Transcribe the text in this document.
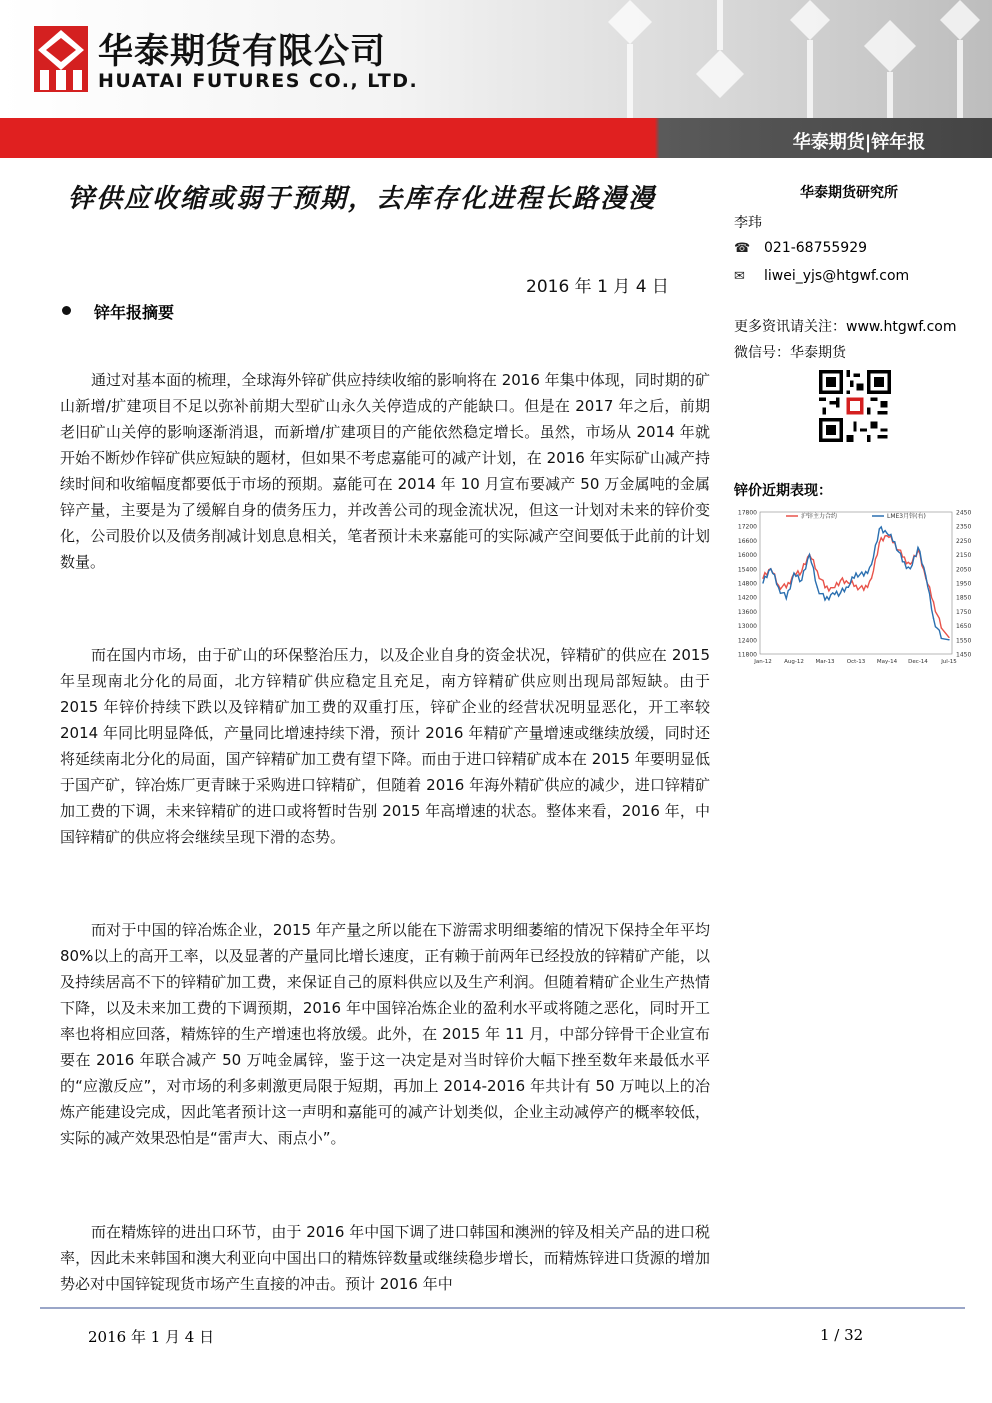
华泰期货有限公司
HUATAI FUTURES CO., LTD.
华泰期货|锌年报
锌供应收缩或弱于预期，去库存化进程长路漫漫
2016 年 1 月 4 日
锌年报摘要

通过对基本面的梳理，全球海外锌矿供应持续收缩的影响将在 2016 年集中体现，同时期的矿山新增/扩建项目不足以弥补前期大型矿山永久关停造成的产能缺口。但是在 2017 年之后，前期老旧矿山关停的影响逐渐消退，而新增/扩建项目的产能依然稳定增长。虽然，市场从 2014 年就开始不断炒作锌矿供应短缺的题材，但如果不考虑嘉能可的减产计划，在 2016 年实际矿山减产持续时间和收缩幅度都要低于市场的预期。嘉能可在 2014 年 10 月宣布要减产 50 万金属吨的金属锌产量，主要是为了缓解自身的债务压力，并改善公司的现金流状况，但这一计划对未来的锌价变化，公司股价以及债务削减计划息息相关，笔者预计未来嘉能可的实际减产空间要低于此前的计划数量。

而在国内市场，由于矿山的环保整治压力，以及企业自身的资金状况，锌精矿的供应在 2015 年呈现南北分化的局面，北方锌精矿供应稳定且充足，南方锌精矿供应则出现局部短缺。由于 2015 年锌价持续下跌以及锌精矿加工费的双重打压，锌矿企业的经营状况明显恶化，开工率较 2014 年同比明显降低，产量同比增速持续下滑，预计 2016 年精矿产量增速或继续放缓，同时还将延续南北分化的局面，国产锌精矿加工费有望下降。而由于进口锌精矿成本在 2015 年要明显低于国产矿，锌冶炼厂更青睐于采购进口锌精矿，但随着 2016 年海外精矿供应的减少，进口锌精矿加工费的下调，未来锌精矿的进口或将暂时告别 2015 年高增速的状态。整体来看，2016 年，中国锌精矿的供应将会继续呈现下滑的态势。

而对于中国的锌冶炼企业，2015 年产量之所以能在下游需求明细萎缩的情况下保持全年平均 80%以上的高开工率，以及显著的产量同比增长速度，正有赖于前两年已经投放的锌精矿产能，以及持续居高不下的锌精矿加工费，来保证自己的原料供应以及生产利润。但随着精矿企业生产热情下降，以及未来加工费的下调预期，2016 年中国锌冶炼企业的盈利水平或将随之恶化，同时开工率也将相应回落，精炼锌的生产增速也将放缓。此外，在 2015 年 11 月，中部分锌骨干企业宣布要在 2016 年联合减产 50 万吨金属锌，鉴于这一决定是对当时锌价大幅下挫至数年来最低水平的“应激反应”，对市场的利多刺激更局限于短期，再加上 2014-2016 年共计有 50 万吨以上的冶炼产能建设完成，因此笔者预计这一声明和嘉能可的减产计划类似，企业主动减停产的概率较低，实际的减产效果恐怕是“雷声大、雨点小”。

而在精炼锌的进出口环节，由于 2016 年中国下调了进口韩国和澳洲的锌及相关产品的进口税率，因此未来韩国和澳大利亚向中国出口的精炼锌数量或继续稳步增长，而精炼锌进口货源的增加势必对中国锌锭现货市场产生直接的冲击。预计 2016 年中

华泰期货研究所
李玮
☎ 021-68755929
✉	liwei_yjs@htgwf.com
更多资讯请关注：www.htgwf.com
微信号：华泰期货
锌价近期表现：
17800
17200
16600
16000
15400
14800
14200
13600
13000
12400
11800
2450
2350
2250
2150
2050
1950
1850
1750
1650
1550
1450
Jan-12 Aug-12 Mar-13 Oct-13 May-14 Dec-14 Jul-15
沪锌主力合约	LME3月锌(右)
2016 年 1 月 4 日	1 / 32
